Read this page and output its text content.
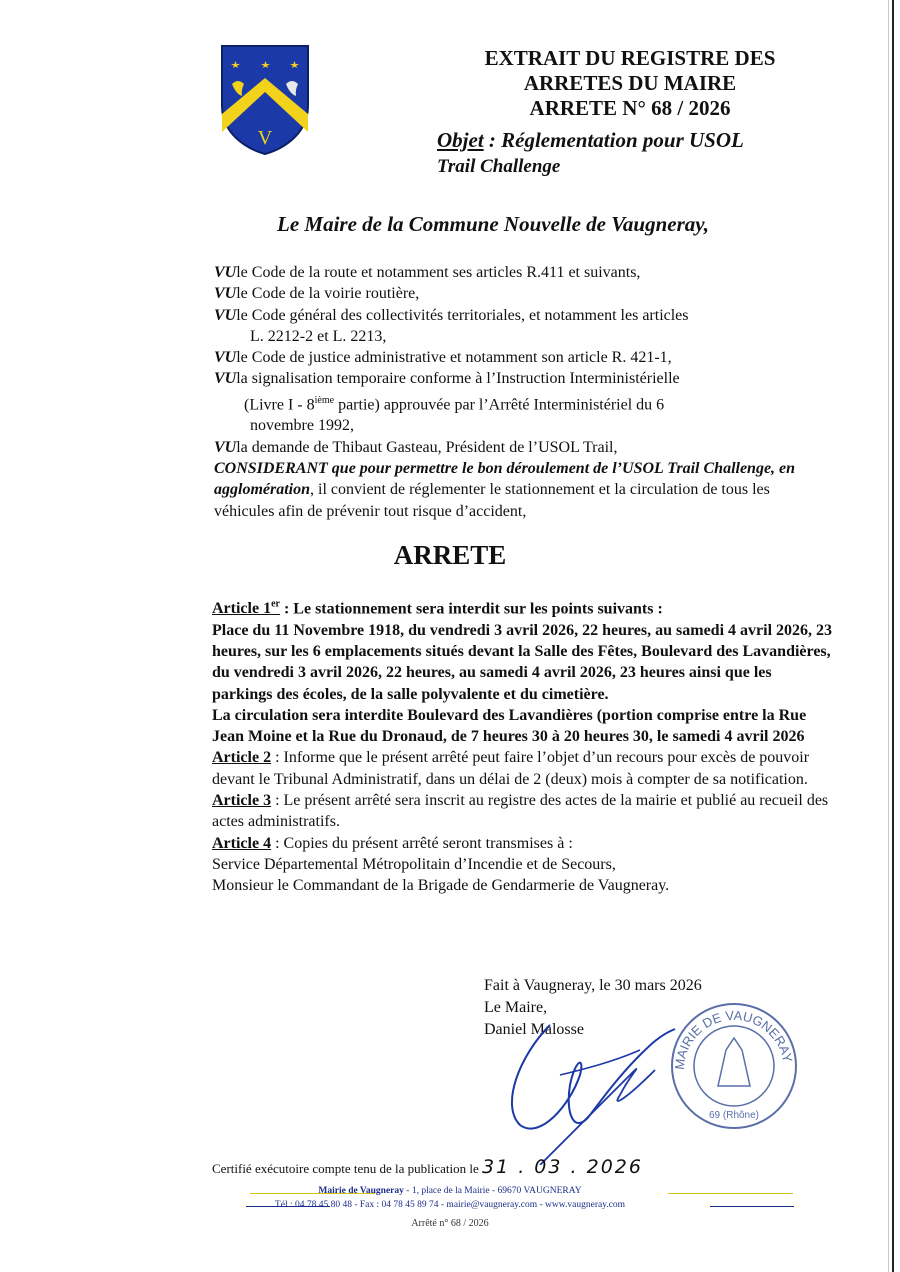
V
EXTRAIT DU REGISTRE DES
ARRETES DU MAIRE
ARRETE N° 68 / 2026
Objet : Réglementation pour USOL
Trail Challenge
Le Maire de la Commune Nouvelle de Vaugneray,

VUle Code de la route et notamment ses articles R.411 et suivants,

VUle Code de la voirie routière,

VUle Code général des collectivités territoriales, et notamment les articles

L. 2212-2 et L. 2213,

VUle Code de justice administrative et notamment son article R. 421-1,

VUla signalisation temporaire conforme à l’Instruction Interministérielle

(Livre I - 8ième partie) approuvée par l’Arrêté Interministériel du 6

novembre 1992,

VUla demande de Thibaut Gasteau, Président de l’USOL Trail,

CONSIDERANT que pour permettre le bon déroulement de l’USOL Trail Challenge, en agglomération, il convient de réglementer le stationnement et la circulation de tous les véhicules afin de prévenir tout risque d’accident,

ARRETE

Article 1er : Le stationnement sera interdit sur les points suivants :

Place du 11 Novembre 1918, du vendredi 3 avril 2026, 22 heures, au samedi 4 avril 2026, 23 heures, sur les 6 emplacements situés devant la Salle des Fêtes, Boulevard des Lavandières, du vendredi 3 avril 2026, 22 heures, au samedi 4 avril 2026, 23 heures ainsi que les parkings des écoles, de la salle polyvalente et du cimetière.

La circulation sera interdite Boulevard des Lavandières (portion comprise entre la Rue Jean Moine et la Rue du Dronaud, de 7 heures 30 à 20 heures 30, le samedi 4 avril 2026

Article 2 : Informe que le présent arrêté peut faire l’objet d’un recours pour excès de pouvoir devant le Tribunal Administratif, dans un délai de 2 (deux) mois à compter de sa notification.

Article 3 : Le présent arrêté sera inscrit au registre des actes de la mairie et publié au recueil des actes administratifs.

Article 4 : Copies du présent arrêté seront transmises à :

Service Départemental Métropolitain d’Incendie et de Secours,

Monsieur le Commandant de la Brigade de Gendarmerie de Vaugneray.

Fait à Vaugneray, le 30 mars 2026

Le Maire,

Daniel Malosse

MAIRIE DE VAUGNERAY
69 (Rhône)
Certifié exécutoire compte tenu de la publication le 31 . 03 . 2026
Mairie de Vaugneray - 1, place de la Mairie - 69670 VAUGNERAY
Tél : 04 78 45 80 48 - Fax : 04 78 45 89 74 - mairie@vaugneray.com - www.vaugneray.com
Arrêté n° 68 / 2026
